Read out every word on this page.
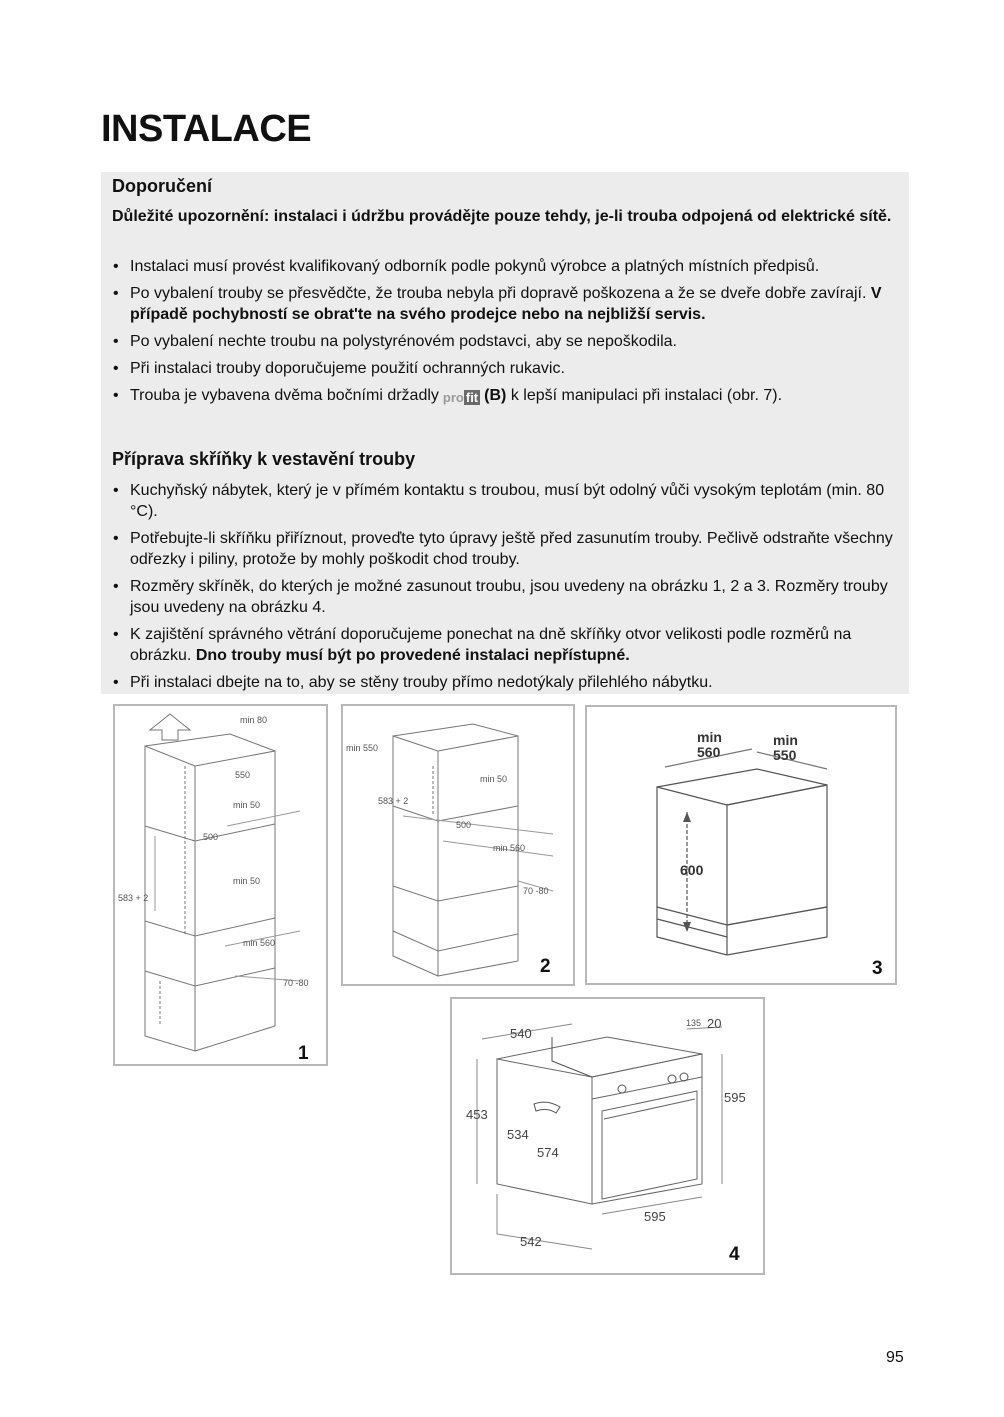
INSTALACE
Doporučení

Důležité upozornění: instalaci i údržbu provádějte pouze tehdy, je-li trouba odpojená od elektrické sítě.

• Instalaci musí provést kvalifikovaný odborník podle pokynů výrobce a platných místních předpisů.
• Po vybalení trouby se přesvědčte, že trouba nebyla při dopravě poškozena a že se dveře dobře zavírají. V případě pochybností se obrat'te na svého prodejce nebo na nejbližší servis.
• Po vybalení nechte troubu na polystyrénovém podstavci, aby se nepoškodila.
• Při instalaci trouby doporučujeme použití ochranných rukavic.
• Trouba je vybavena dvěma bočními držadly pro fit (B) k lepší manipulaci při instalaci (obr. 7).
Příprava skříňky k vestavění trouby
• Kuchyňský nábytek, který je v přímém kontaktu s troubou, musí být odolný vůči vysokým teplotám (min. 80 °C).
• Potřebujte-li skříňku přiříznout, proveďte tyto úpravy ještě před zasunutím trouby. Pečlivě odstraňte všechny odřezky i piliny, protože by mohly poškodit chod trouby.
• Rozměry skříněk, do kterých je možné zasunout troubu, jsou uvedeny na obrázku 1, 2 a 3. Rozměry trouby jsou uvedeny na obrázku 4.
• K zajištění správného větrání doporučujeme ponechat na dně skříňky otvor velikosti podle rozměrů na obrázku. Dno trouby musí být po provedené instalaci nepřístupné.
• Při instalaci dbejte na to, aby se stěny trouby přímo nedotýkaly přilehlého nábytku.
min 80
550
min 50
500
583 + 2
min 50
min 560
70 -80
1
min 550
583 + 2
min 50
500
min 560
70 -80
2
min
560
min
550
600
3
540
135 20
453
534
574
595
595
542
4
95
